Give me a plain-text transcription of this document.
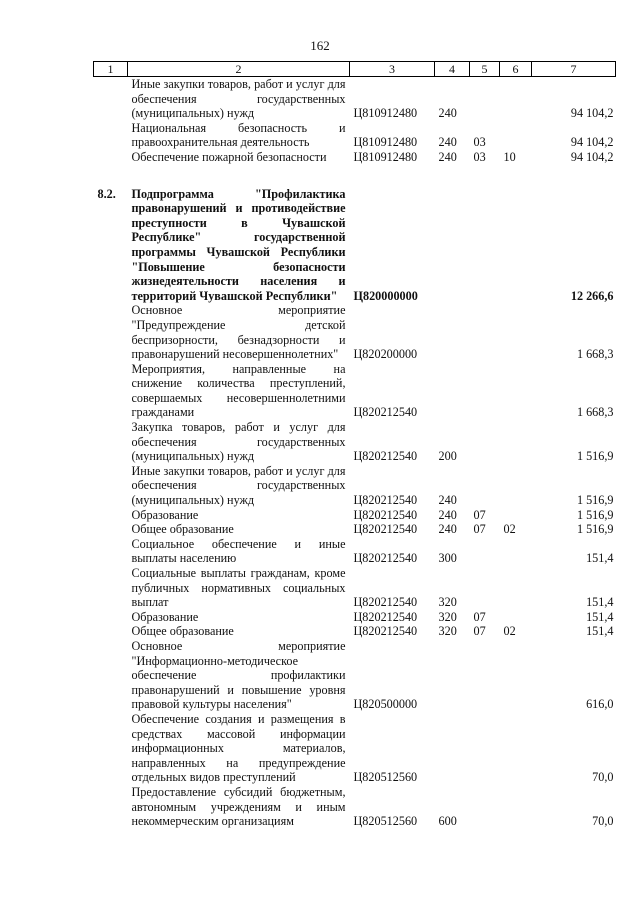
162
1	2	3	4	5	6	7
	Иные закупки товаров, работ и услуг для обеспечения государственных (муниципальных) нужд	Ц810912480	240			94 104,2
	Национальная безопасность и правоохранительная деятельность	Ц810912480	240	03		94 104,2
	Обеспечение пожарной безопасности	Ц810912480	240	03	10	94 104,2

8.2.	Подпрограмма "Профилактика правонарушений и противодействие преступности в Чувашской Республике" государственной программы Чувашской Республики "Повышение безопасности жизнедеятельности населения и территорий Чувашской Республики"	Ц820000000				12 266,6
	Основное мероприятие "Предупреждение детской беспризорности, безнадзорности и правонарушений несовершеннолетних"	Ц820200000				1 668,3
	Мероприятия, направленные на снижение количества преступлений, совершаемых несовершеннолетними гражданами	Ц820212540				1 668,3
	Закупка товаров, работ и услуг для обеспечения государственных (муниципальных) нужд	Ц820212540	200			1 516,9
	Иные закупки товаров, работ и услуг для обеспечения государственных (муниципальных) нужд	Ц820212540	240			1 516,9
	Образование	Ц820212540	240	07		1 516,9
	Общее образование	Ц820212540	240	07	02	1 516,9
	Социальное обеспечение и иные выплаты населению	Ц820212540	300			151,4
	Социальные выплаты гражданам, кроме публичных нормативных социальных выплат	Ц820212540	320			151,4
	Образование	Ц820212540	320	07		151,4
	Общее образование	Ц820212540	320	07	02	151,4
	Основное мероприятие "Информационно-методическое обеспечение профилактики правонарушений и повышение уровня правовой культуры населения"	Ц820500000				616,0
	Обеспечение создания и размещения в средствах массовой информации информационных материалов, направленных на предупреждение отдельных видов преступлений	Ц820512560				70,0
	Предоставление субсидий бюджетным, автономным учреждениям и иным некоммерческим организациям	Ц820512560	600			70,0
